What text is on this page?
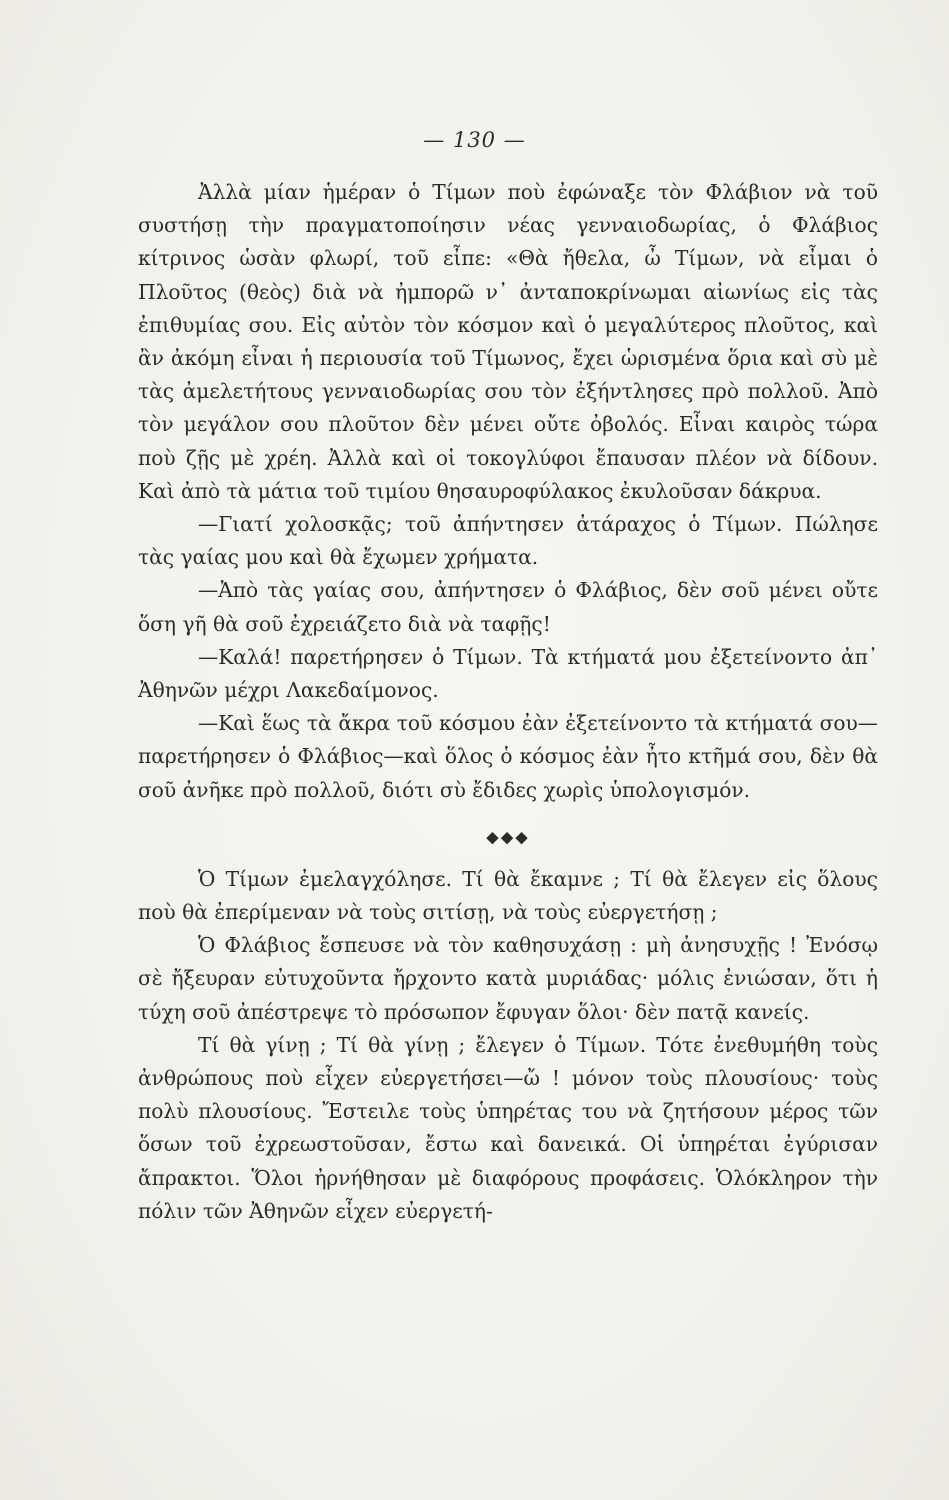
— 130 —

Ἀλλὰ μίαν ἡμέραν ὁ Τίμων ποὺ ἐφώναξε τὸν Φλάβιον νὰ τοῦ συστήσῃ τὴν πραγματοποίησιν νέας γενναιοδωρίας, ὁ Φλάβιος κίτρινος ὡσὰν φλωρί, τοῦ εἶπε: «Θὰ ἤθελα, ὦ Τίμων, νὰ εἶμαι ὁ Πλοῦτος (θεὸς) διὰ νὰ ἠμπορῶ ν᾽ ἀνταποκρίνωμαι αἰωνίως εἰς τὰς ἐπιθυμίας σου. Εἰς αὐτὸν τὸν κόσμον καὶ ὁ μεγαλύτερος πλοῦτος, καὶ ἂν ἀκόμη εἶναι ἡ περιουσία τοῦ Τίμωνος, ἔχει ὡρισμένα ὅρια καὶ σὺ μὲ τὰς ἀμελετήτους γενναιοδωρίας σου τὸν ἐξήντλησες πρὸ πολλοῦ. Ἀπὸ τὸν μεγάλον σου πλοῦτον δὲν μένει οὔτε ὀβολός. Εἶναι καιρὸς τώρα ποὺ ζῇς μὲ χρέη. Ἀλλὰ καὶ οἱ τοκογλύφοι ἔπαυσαν πλέον νὰ δίδουν. Καὶ ἀπὸ τὰ μάτια τοῦ τιμίου θησαυροφύλακος ἐκυλοῦσαν δάκρυα.

—Γιατί χολοσκᾷς; τοῦ ἀπήντησεν ἀτάραχος ὁ Τίμων. Πώλησε τὰς γαίας μου καὶ θὰ ἔχωμεν χρήματα.

—Ἀπὸ τὰς γαίας σου, ἀπήντησεν ὁ Φλάβιος, δὲν σοῦ μένει οὔτε ὅση γῆ θὰ σοῦ ἐχρειάζετο διὰ νὰ ταφῇς!

—Καλά! παρετήρησεν ὁ Τίμων. Τὰ κτήματά μου ἐξετείνοντο ἀπ᾽ Ἀθηνῶν μέχρι Λακεδαίμονος.

—Καὶ ἕως τὰ ἄκρα τοῦ κόσμου ἐὰν ἐξετείνοντο τὰ κτήματά σου—παρετήρησεν ὁ Φλάβιος—καὶ ὅλος ὁ κόσμος ἐὰν ἦτο κτῆμά σου, δὲν θὰ σοῦ ἀνῆκε πρὸ πολλοῦ, διότι σὺ ἔδιδες χωρὶς ὑπολογισμόν.

⬥⬥⬥

Ὁ Τίμων ἐμελαγχόλησε. Τί θὰ ἔκαμνε ; Τί θὰ ἔλεγεν εἰς ὅλους ποὺ θὰ ἐπερίμεναν νὰ τοὺς σιτίσῃ, νὰ τοὺς εὐεργετήσῃ ;

Ὁ Φλάβιος ἔσπευσε νὰ τὸν καθησυχάσῃ : μὴ ἀνησυχῇς ! Ἐνόσῳ σὲ ἤξευραν εὐτυχοῦντα ἤρχοντο κατὰ μυριάδας· μόλις ἐνιώσαν, ὅτι ἡ τύχη σοῦ ἀπέστρεψε τὸ πρόσωπον ἔφυγαν ὅλοι· δὲν πατᾷ κανείς.

Τί θὰ γίνῃ ; Τί θὰ γίνῃ ; ἔλεγεν ὁ Τίμων. Τότε ἐνεθυμήθη τοὺς ἀνθρώπους ποὺ εἶχεν εὐεργετήσει—ὤ ! μόνον τοὺς πλουσίους· τοὺς πολὺ πλουσίους. Ἔστειλε τοὺς ὑπηρέτας του νὰ ζητήσουν μέρος τῶν ὅσων τοῦ ἐχρεωστοῦσαν, ἔστω καὶ δανεικά. Οἱ ὑπηρέται ἐγύρισαν ἄπρακτοι. Ὅλοι ἠρνήθησαν μὲ διαφόρους προφάσεις. Ὁλόκληρον τὴν πόλιν τῶν Ἀθηνῶν εἶχεν εὐεργετή-
